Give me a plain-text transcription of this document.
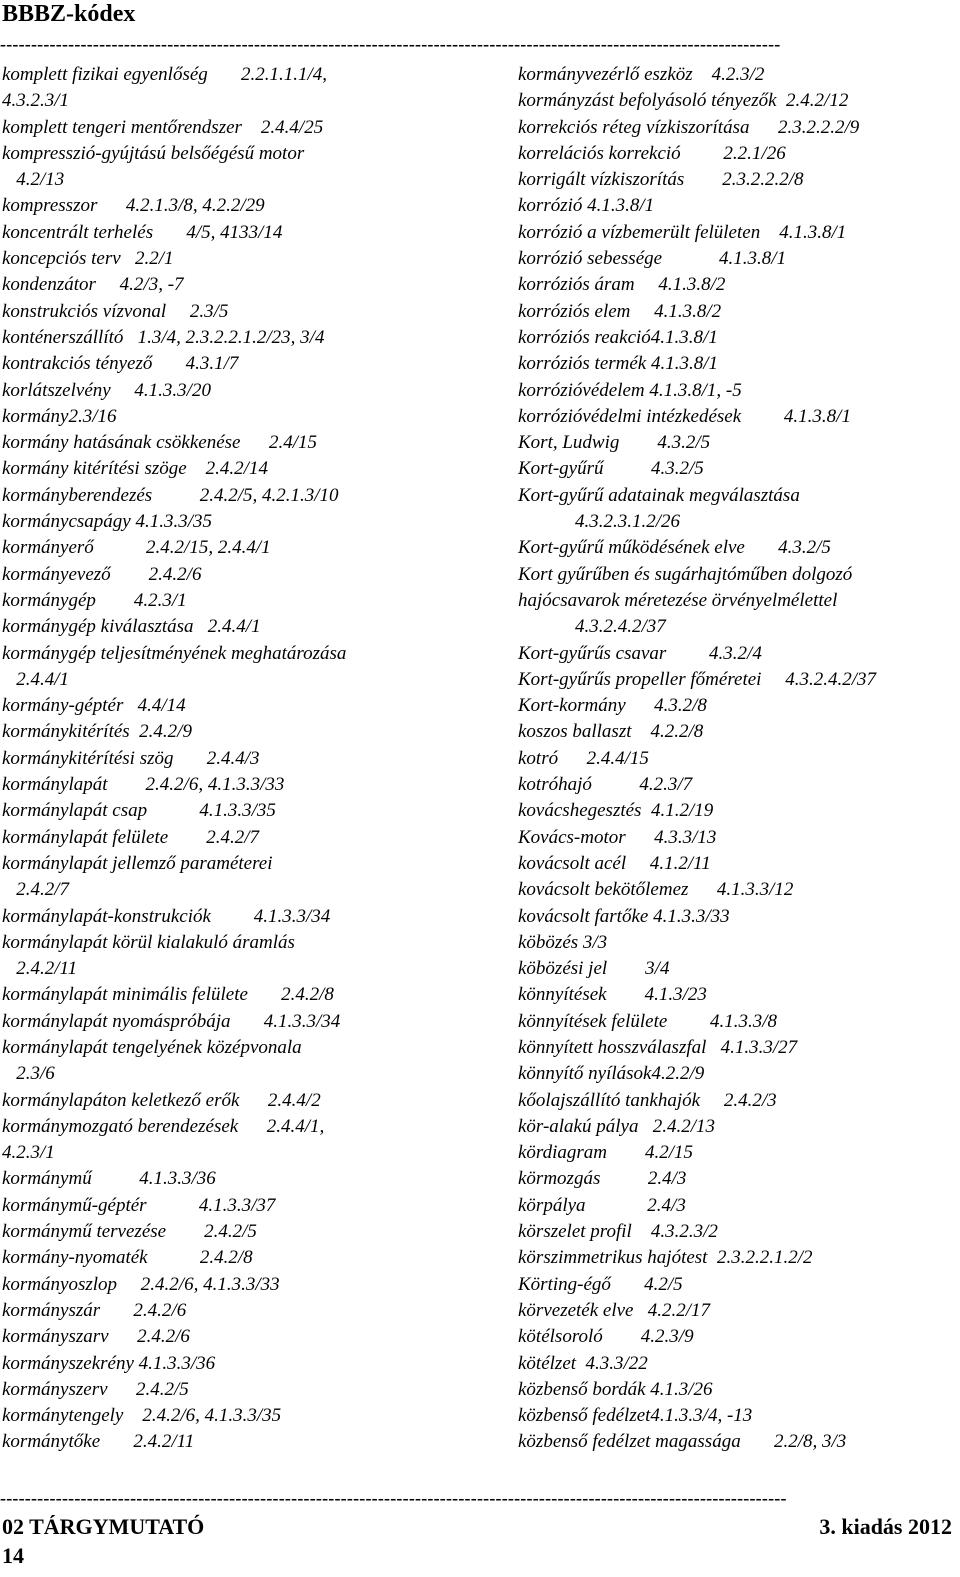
BBBZ-kódex
------------------------------------------------------------------------------------------------------------------------------
komplett fizikai egyenlőség       2.2.1.1.1/4,
4.3.2.3/1
komplett tengeri mentőrendszer    2.4.4/25
kompresszió-gyújtású belsőégésű motor
4.2/13
kompresszor      4.2.1.3/8, 4.2.2/29
koncentrált terhelés       4/5, 4133/14
koncepciós terv   2.2/1
kondenzátor     4.2/3, -7
konstrukciós vízvonal     2.3/5
konténerszállító   1.3/4, 2.3.2.2.1.2/23, 3/4
kontrakciós tényező       4.3.1/7
korlátszelvény     4.1.3.3/20
kormány2.3/16
kormány hatásának csökkenése      2.4/15
kormány kitérítési szöge    2.4.2/14
kormányberendezés          2.4.2/5, 4.2.1.3/10
kormánycsapágy 4.1.3.3/35
kormányerő           2.4.2/15, 2.4.4/1
kormányevező        2.4.2/6
kormánygép        4.2.3/1
kormánygép kiválasztása   2.4.4/1
kormánygép teljesítményének meghatározása
2.4.4/1
kormány-géptér   4.4/14
kormánykitérítés  2.4.2/9
kormánykitérítési szög       2.4.4/3
kormánylapát        2.4.2/6, 4.1.3.3/33
kormánylapát csap           4.1.3.3/35
kormánylapát felülete        2.4.2/7
kormánylapát jellemző paraméterei
2.4.2/7
kormánylapát-konstrukciók         4.1.3.3/34
kormánylapát körül kialakuló áramlás
2.4.2/11
kormánylapát minimális felülete       2.4.2/8
kormánylapát nyomáspróbája       4.1.3.3/34
kormánylapát tengelyének középvonala
2.3/6
kormánylapáton keletkező erők      2.4.4/2
kormánymozgató berendezések      2.4.4/1,
4.2.3/1
kormánymű          4.1.3.3/36
kormánymű-géptér           4.1.3.3/37
kormánymű tervezése        2.4.2/5
kormány-nyomaték           2.4.2/8
kormányoszlop     2.4.2/6, 4.1.3.3/33
kormányszár       2.4.2/6
kormányszarv      2.4.2/6
kormányszekrény 4.1.3.3/36
kormányszerv      2.4.2/5
kormánytengely    2.4.2/6, 4.1.3.3/35
kormánytőke       2.4.2/11
kormányvezérlő eszköz    4.2.3/2
kormányzást befolyásoló tényezők  2.4.2/12
korrekciós réteg vízkiszorítása      2.3.2.2.2/9
korrelációs korrekció         2.2.1/26
korrigált vízkiszorítás        2.3.2.2.2/8
korrózió 4.1.3.8/1
korrózió a vízbemerült felületen    4.1.3.8/1
korrózió sebessége            4.1.3.8/1
korróziós áram     4.1.3.8/2
korróziós elem     4.1.3.8/2
korróziós reakció4.1.3.8/1
korróziós termék 4.1.3.8/1
korrózióvédelem 4.1.3.8/1, -5
korrózióvédelmi intézkedések         4.1.3.8/1
Kort, Ludwig        4.3.2/5
Kort-gyűrű          4.3.2/5
Kort-gyűrű adatainak megválasztása
4.3.2.3.1.2/26
Kort-gyűrű működésének elve       4.3.2/5
Kort gyűrűben és sugárhajtóműben dolgozó
hajócsavarok méretezése örvényelmélettel
4.3.2.4.2/37
Kort-gyűrűs csavar         4.3.2/4
Kort-gyűrűs propeller főméretei     4.3.2.4.2/37
Kort-kormány      4.3.2/8
koszos ballaszt    4.2.2/8
kotró      2.4.4/15
kotróhajó          4.2.3/7
kovácshegesztés  4.1.2/19
Kovács-motor      4.3.3/13
kovácsolt acél     4.1.2/11
kovácsolt bekötőlemez      4.1.3.3/12
kovácsolt fartőke 4.1.3.3/33
köbözés 3/3
köbözési jel        3/4
könnyítések        4.1.3/23
könnyítések felülete         4.1.3.3/8
könnyített hosszválaszfal   4.1.3.3/27
könnyítő nyílások4.2.2/9
kőolajszállító tankhajók     2.4.2/3
kör-alakú pálya   2.4.2/13
kördiagram        4.2/15
körmozgás          2.4/3
körpálya             2.4/3
körszelet profil    4.3.2.3/2
körszimmetrikus hajótest  2.3.2.2.1.2/2
Körting-égő       4.2/5
körvezeték elve   4.2.2/17
kötélsoroló        4.2.3/9
kötélzet  4.3.3/22
közbenső bordák 4.1.3/26
közbenső fedélzet4.1.3.3/4, -13
közbenső fedélzet magassága       2.2/8, 3/3
-------------------------------------------------------------------------------------------------------------------------------
02 TÁRGYMUTATÓ	3. kiadás 2012
14
